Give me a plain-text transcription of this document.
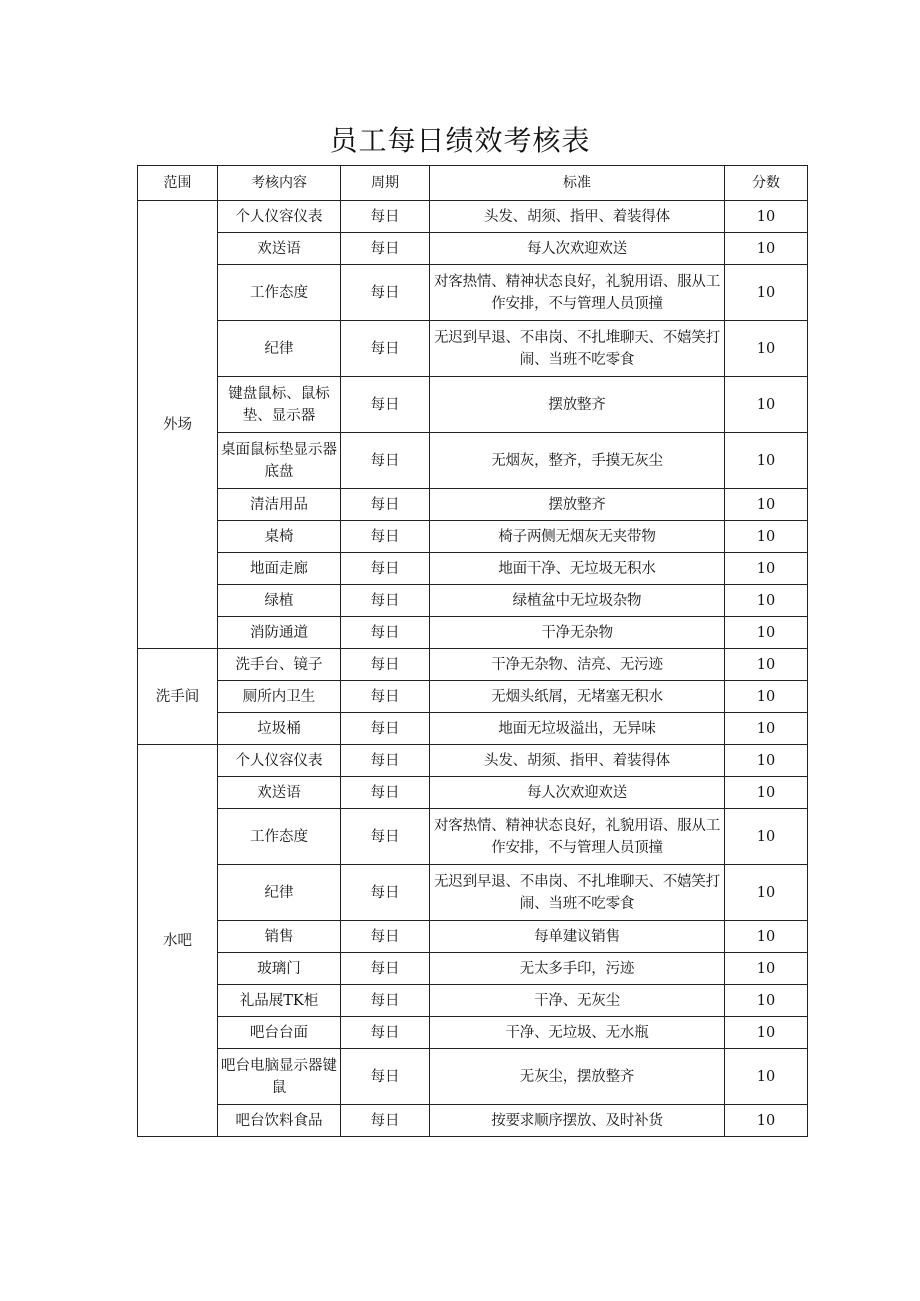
员工每日绩效考核表
范围	考核内容	周期	标准	分数
外场	个人仪容仪表	每日	头发、胡须、指甲、着装得体	10
	欢送语	每日	每人次欢迎欢送	10
	工作态度	每日	对客热情、精神状态良好，礼貌用语、服从工作安排，不与管理人员顶撞	10
	纪律	每日	无迟到早退、不串岗、不扎堆聊天、不嬉笑打闹、当班不吃零食	10
	键盘鼠标、鼠标垫、显示器	每日	摆放整齐	10
	桌面鼠标垫显示器底盘	每日	无烟灰，整齐，手摸无灰尘	10
	清洁用品	每日	摆放整齐	10
	桌椅	每日	椅子两侧无烟灰无夹带物	10
	地面走廊	每日	地面干净、无垃圾无积水	10
	绿植	每日	绿植盆中无垃圾杂物	10
	消防通道	每日	干净无杂物	10
洗手间	洗手台、镜子	每日	干净无杂物、洁亮、无污迹	10
	厕所内卫生	每日	无烟头纸屑，无堵塞无积水	10
	垃圾桶	每日	地面无垃圾溢出，无异味	10
水吧	个人仪容仪表	每日	头发、胡须、指甲、着装得体	10
	欢送语	每日	每人次欢迎欢送	10
	工作态度	每日	对客热情、精神状态良好，礼貌用语、服从工作安排，不与管理人员顶撞	10
	纪律	每日	无迟到早退、不串岗、不扎堆聊天、不嬉笑打闹、当班不吃零食	10
	销售	每日	每单建议销售	10
	玻璃门	每日	无太多手印，污迹	10
	礼品展TK柜	每日	干净、无灰尘	10
	吧台台面	每日	干净、无垃圾、无水瓶	10
	吧台电脑显示器键鼠	每日	无灰尘，摆放整齐	10
	吧台饮料食品	每日	按要求顺序摆放、及时补货	10
